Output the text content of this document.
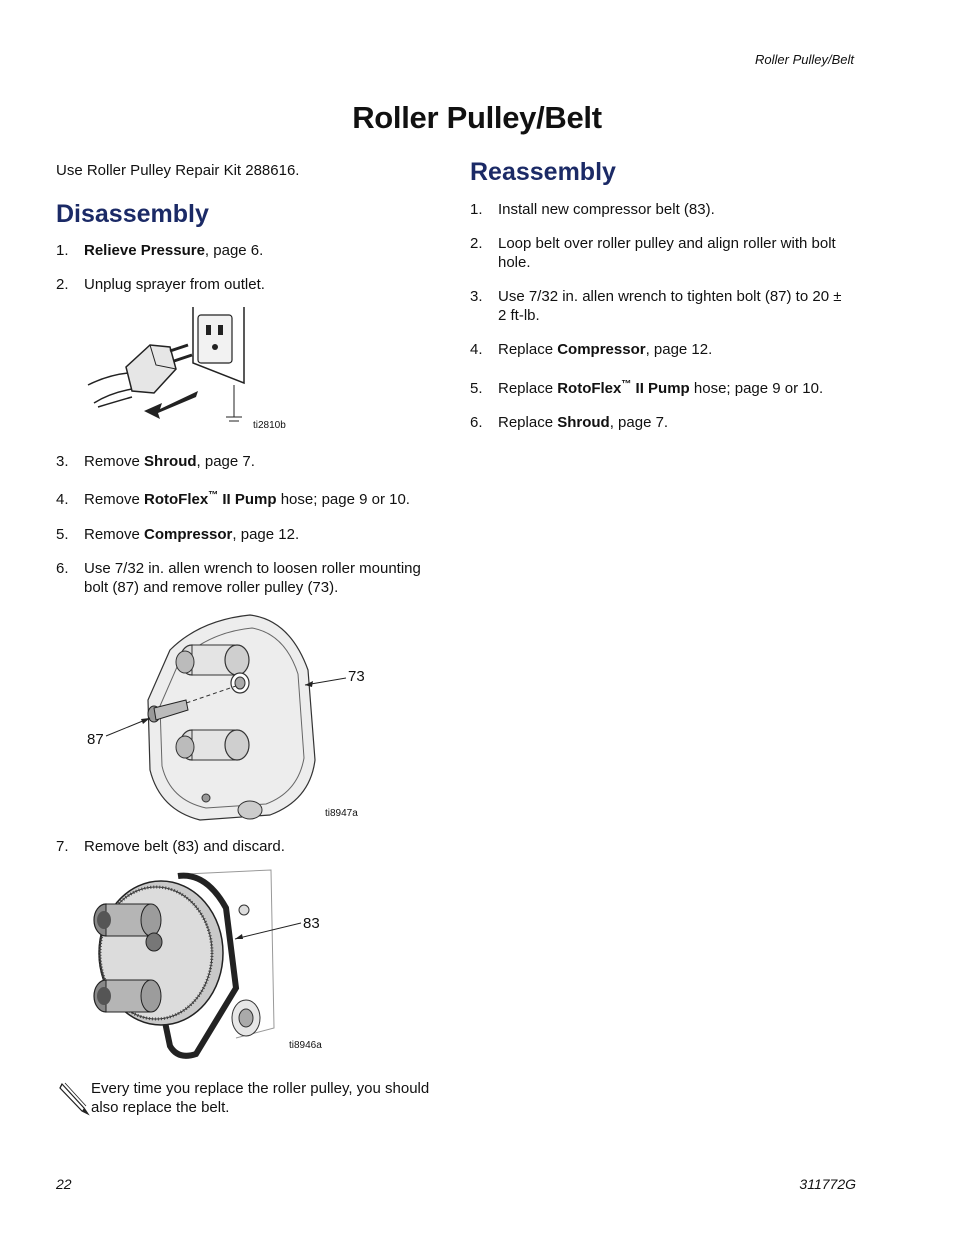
Roller Pulley/Belt
Roller Pulley/Belt
Use Roller Pulley Repair Kit 288616.
Disassembly
1.	Relieve Pressure, page 6.
2.	Unplug sprayer from outlet.
ti2810b
3.	Remove Shroud, page 7.
4.	Remove RotoFlex™ II Pump hose; page 9 or 10.
5.	Remove Compressor, page 12.
6.	Use 7/32 in. allen wrench to loosen roller mounting
bolt (87) and remove roller pulley (73).
73
87
ti8947a
7.	Remove belt (83) and discard.
83
ti8946a
Every time you replace the roller pulley, you should
also replace the belt.
Reassembly
1.	Install new compressor belt (83).
2.	Loop belt over roller pulley and align roller with bolt
hole.
3.	Use 7/32 in. allen wrench to tighten bolt (87) to 20 ±
2 ft-lb.
4.	Replace Compressor, page 12.
5.	Replace RotoFlex™ II Pump hose; page 9 or 10.
6.	Replace Shroud, page 7.
22	311772G
